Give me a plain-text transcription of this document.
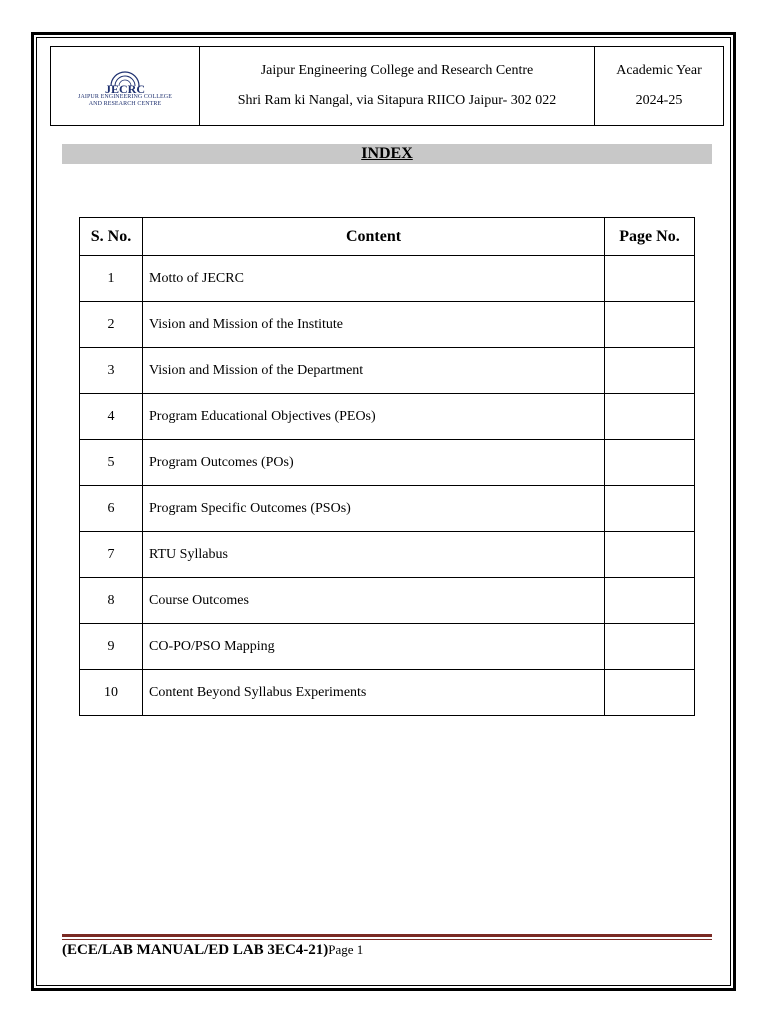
JECRC
JAIPUR ENGINEERING COLLEGE
AND RESEARCH CENTRE

Jaipur Engineering College and Research Centre
Shri Ram ki Nangal, via Sitapura RIICO Jaipur- 302 022

Academic Year
2024-25
INDEX
S. No.	Content	Page No.
1	Motto of JECRC	
2	Vision and Mission of the Institute	
3	Vision and Mission of the Department	
4	Program Educational Objectives (PEOs)	
5	Program Outcomes (POs)	
6	Program Specific Outcomes (PSOs)	
7	RTU Syllabus	
8	Course Outcomes	
9	CO-PO/PSO Mapping	
10	Content Beyond Syllabus Experiments	
(ECE/LAB MANUAL/ED LAB 3EC4-21)Page 1
